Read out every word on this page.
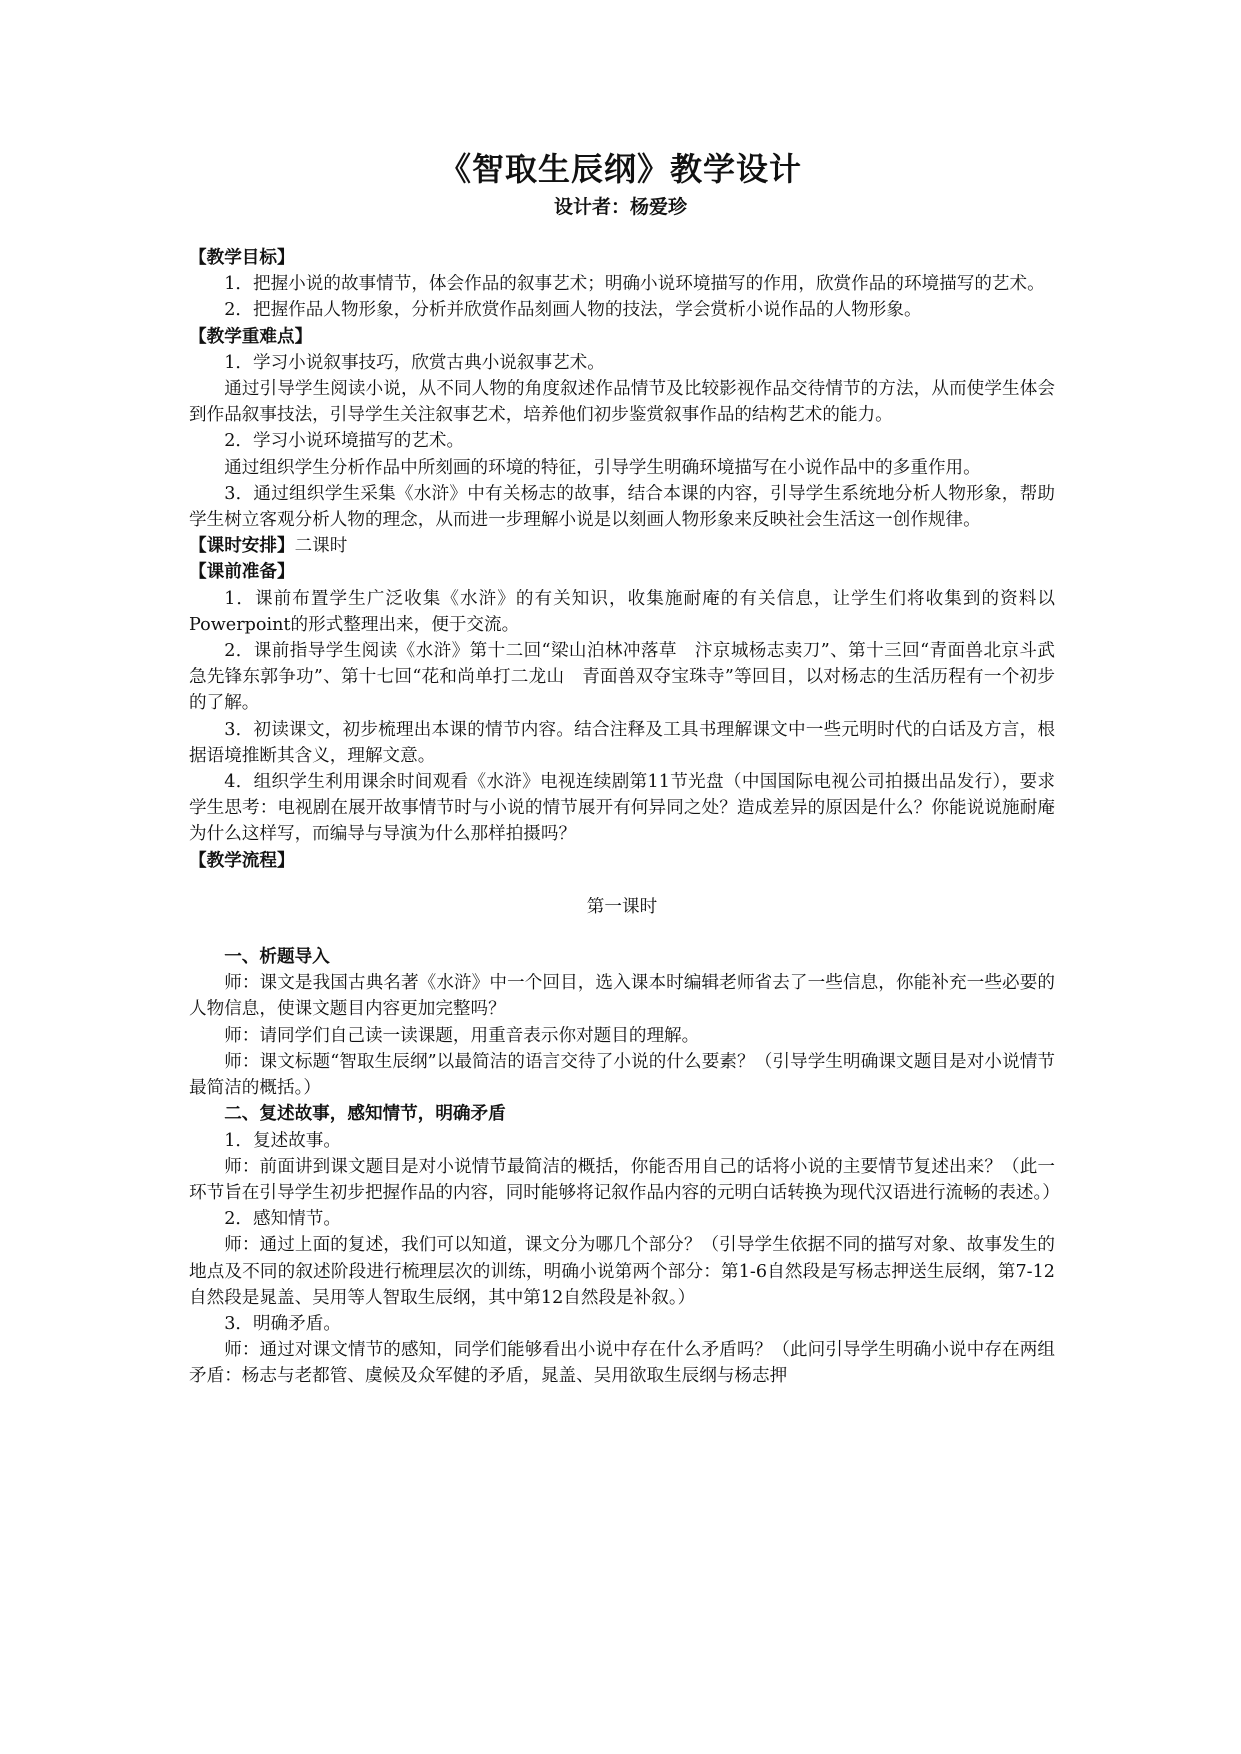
《智取生辰纲》教学设计
设计者：杨爱珍

【教学目标】

1．把握小说的故事情节，体会作品的叙事艺术；明确小说环境描写的作用，欣赏作品的环境描写的艺术。

2．把握作品人物形象，分析并欣赏作品刻画人物的技法，学会赏析小说作品的人物形象。

【教学重难点】

1．学习小说叙事技巧，欣赏古典小说叙事艺术。

通过引导学生阅读小说，从不同人物的角度叙述作品情节及比较影视作品交待情节的方法，从而使学生体会到作品叙事技法，引导学生关注叙事艺术，培养他们初步鉴赏叙事作品的结构艺术的能力。

2．学习小说环境描写的艺术。

通过组织学生分析作品中所刻画的环境的特征，引导学生明确环境描写在小说作品中的多重作用。

3．通过组织学生采集《水浒》中有关杨志的故事，结合本课的内容，引导学生系统地分析人物形象，帮助学生树立客观分析人物的理念，从而进一步理解小说是以刻画人物形象来反映社会生活这一创作规律。

【课时安排】二课时

【课前准备】

1．课前布置学生广泛收集《水浒》的有关知识，收集施耐庵的有关信息，让学生们将收集到的资料以Powerpoint的形式整理出来，便于交流。

2．课前指导学生阅读《水浒》第十二回“梁山泊林冲落草　汴京城杨志卖刀”、第十三回“青面兽北京斗武　急先锋东郭争功”、第十七回“花和尚单打二龙山　青面兽双夺宝珠寺”等回目，以对杨志的生活历程有一个初步的了解。

3．初读课文，初步梳理出本课的情节内容。结合注释及工具书理解课文中一些元明时代的白话及方言，根据语境推断其含义，理解文意。

4．组织学生利用课余时间观看《水浒》电视连续剧第11节光盘（中国国际电视公司拍摄出品发行），要求学生思考：电视剧在展开故事情节时与小说的情节展开有何异同之处？造成差异的原因是什么？你能说说施耐庵为什么这样写，而编导与导演为什么那样拍摄吗？

【教学流程】

第一课时

一、析题导入

师：课文是我国古典名著《水浒》中一个回目，选入课本时编辑老师省去了一些信息，你能补充一些必要的人物信息，使课文题目内容更加完整吗？

师：请同学们自己读一读课题，用重音表示你对题目的理解。

师：课文标题“智取生辰纲”以最简洁的语言交待了小说的什么要素？（引导学生明确课文题目是对小说情节最简洁的概括。）

二、复述故事，感知情节，明确矛盾

1．复述故事。

师：前面讲到课文题目是对小说情节最简洁的概括，你能否用自己的话将小说的主要情节复述出来？（此一环节旨在引导学生初步把握作品的内容，同时能够将记叙作品内容的元明白话转换为现代汉语进行流畅的表述。）

2．感知情节。

师：通过上面的复述，我们可以知道，课文分为哪几个部分？（引导学生依据不同的描写对象、故事发生的地点及不同的叙述阶段进行梳理层次的训练，明确小说第两个部分：第1-6自然段是写杨志押送生辰纲，第7-12自然段是晁盖、吴用等人智取生辰纲，其中第12自然段是补叙。）

3．明确矛盾。

师：通过对课文情节的感知，同学们能够看出小说中存在什么矛盾吗？（此问引导学生明确小说中存在两组矛盾：杨志与老都管、虞候及众军健的矛盾，晁盖、吴用欲取生辰纲与杨志押
